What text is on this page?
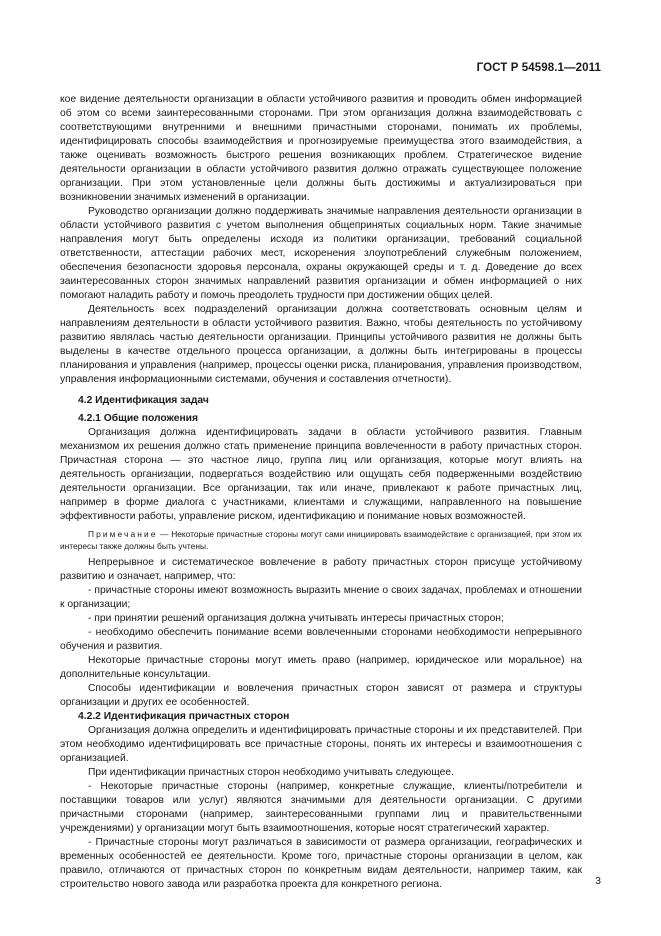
ГОСТ Р 54598.1—2011

кое видение деятельности организации в области устойчивого развития и проводить обмен информацией об этом со всеми заинтересованными сторонами. При этом организация должна взаимодействовать с соответствующими внутренними и внешними причастными сторонами, понимать их проблемы, идентифицировать способы взаимодействия и прогнозируемые преимущества этого взаимодействия, а также оценивать возможность быстрого решения возникающих проблем. Стратегическое видение деятельности организации в области устойчивого развития должно отражать существующее положение организации. При этом установленные цели должны быть достижимы и актуализироваться при возникновении значимых изменений в организации.

Руководство организации должно поддерживать значимые направления деятельности организации в области устойчивого развития с учетом выполнения общепринятых социальных норм. Такие значимые направления могут быть определены исходя из политики организации, требований социальной ответственности, аттестации рабочих мест, искоренения злоупотреблений служебным положением, обеспечения безопасности здоровья персонала, охраны окружающей среды и т. д. Доведение до всех заинтересованных сторон значимых направлений развития организации и обмен информацией о них помогают наладить работу и помочь преодолеть трудности при достижении общих целей.

Деятельность всех подразделений организации должна соответствовать основным целям и направлениям деятельности в области устойчивого развития. Важно, чтобы деятельность по устойчивому развитию являлась частью деятельности организации. Принципы устойчивого развития не должны быть выделены в качестве отдельного процесса организации, а должны быть интегрированы в процессы планирования и управления (например, процессы оценки риска, планирования, управления производством, управления информационными системами, обучения и составления отчетности).

4.2 Идентификация задач
4.2.1 Общие положения

Организация должна идентифицировать задачи в области устойчивого развития. Главным механизмом их решения должно стать применение принципа вовлеченности в работу причастных сторон. Причастная сторона — это частное лицо, группа лиц или организация, которые могут влиять на деятельность организации, подвергаться воздействию или ощущать себя подверженными воздействию деятельности организации. Все организации, так или иначе, привлекают к работе причастных лиц, например в форме диалога с участниками, клиентами и служащими, направленного на повышение эффективности работы, управление риском, идентификацию и понимание новых возможностей.

Примечание — Некоторые причастные стороны могут сами инициировать взаимодействие с организацией, при этом их интересы также должны быть учтены.

Непрерывное и систематическое вовлечение в работу причастных сторон присуще устойчивому развитию и означает, например, что:

- причастные стороны имеют возможность выразить мнение о своих задачах, проблемах и отношении к организации;

- при принятии решений организация должна учитывать интересы причастных сторон;

- необходимо обеспечить понимание всеми вовлеченными сторонами необходимости непрерывного обучения и развития.

Некоторые причастные стороны могут иметь право (например, юридическое или моральное) на дополнительные консультации.

Способы идентификации и вовлечения причастных сторон зависят от размера и структуры организации и других ее особенностей.

4.2.2 Идентификация причастных сторон

Организация должна определить и идентифицировать причастные стороны и их представителей. При этом необходимо идентифицировать все причастные стороны, понять их интересы и взаимоотношения с организацией.

При идентификации причастных сторон необходимо учитывать следующее.

- Некоторые причастные стороны (например, конкретные служащие, клиенты/потребители и поставщики товаров или услуг) являются значимыми для деятельности организации. С другими причастными сторонами (например, заинтересованными группами лиц и правительственными учреждениями) у организации могут быть взаимоотношения, которые носят стратегический характер.

- Причастные стороны могут различаться в зависимости от размера организации, географических и временных особенностей ее деятельности. Кроме того, причастные стороны организации в целом, как правило, отличаются от причастных сторон по конкретным видам деятельности, например таким, как строительство нового завода или разработка проекта для конкретного региона.	3
